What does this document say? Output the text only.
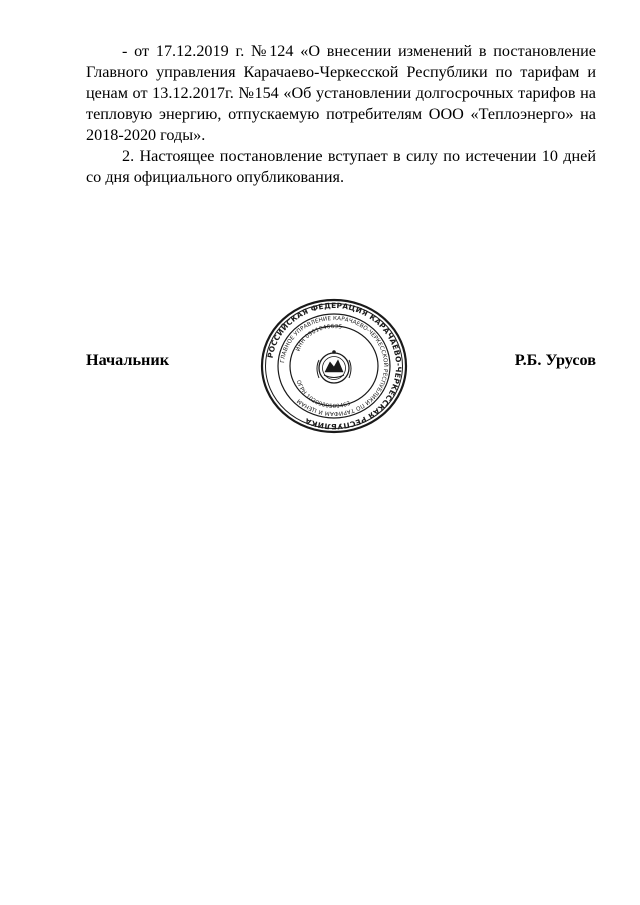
- от 17.12.2019 г. №124 «О внесении изменений в постановление Главного управления Карачаево-Черкесской Республики по тарифам и ценам от 13.12.2017г. №154 «Об установлении долгосрочных тарифов на тепловую энергию, отпускаемую потребителям ООО «Теплоэнерго» на 2018-2020 годы».

2. Настоящее постановление вступает в силу по истечении 10 дней со дня официального опубликования.

Начальник	Р.Б. Урусов
РОССИЙСКАЯ ФЕДЕРАЦИЯ КАРАЧАЕВО-ЧЕРКЕССКАЯ РЕСПУБЛИКА
ГЛАВНОЕ УПРАВЛЕНИЕ КАРАЧАЕВО-ЧЕРКЕССКОЙ РЕСПУБЛИКИ ПО ТАРИФАМ И ЦЕНАМ
ИНН 0901046635
ОГРН 1020900509463
